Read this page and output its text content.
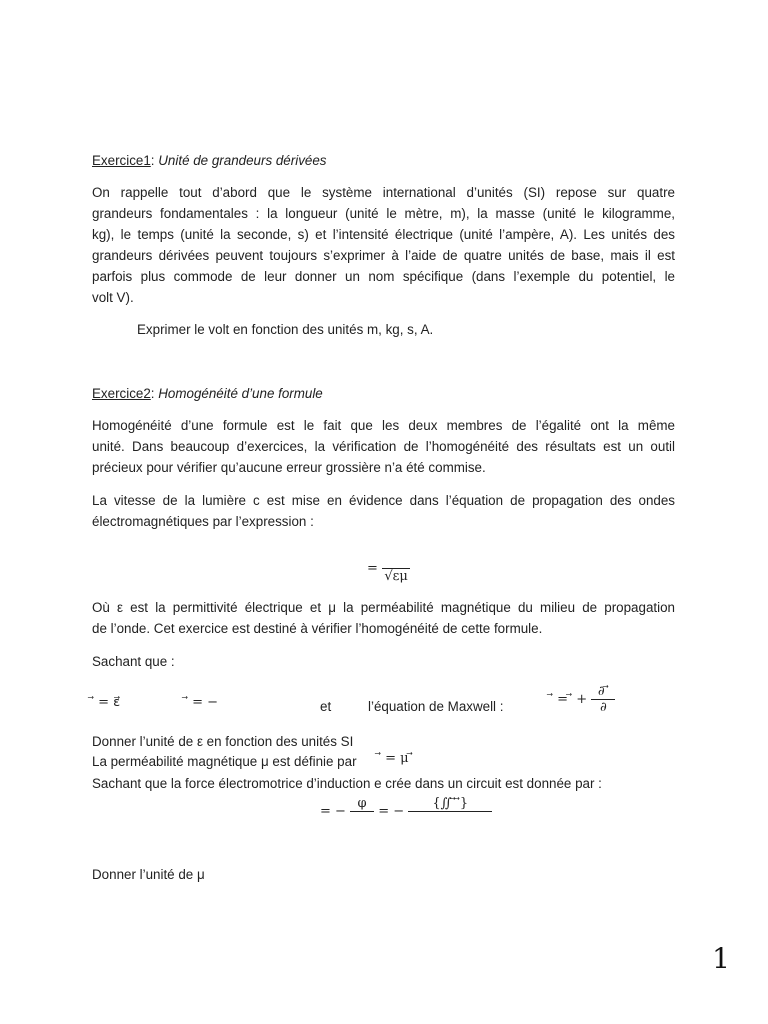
Exercice1: Unité de grandeurs dérivées
On rappelle tout d’abord que le système international d’unités (SI) repose sur quatre
grandeurs fondamentales : la longueur (unité le mètre, m), la masse (unité le kilogramme,
kg), le temps (unité la seconde, s) et l’intensité électrique (unité l’ampère, A). Les unités des
grandeurs dérivées peuvent toujours s’exprimer à l’aide de quatre unités de base, mais il est
parfois plus commode de leur donner un nom spécifique (dans l’exemple du potentiel, le
volt V).
Exprimer le volt en fonction des unités m, kg, s, A.
Exercice2: Homogénéité d’une formule
Homogénéité d’une formule est le fait que les deux membres de l’égalité ont la même
unité. Dans beaucoup d’exercices, la vérification de l’homogénéité des résultats est un outil
précieux pour vérifier qu’aucune erreur grossière n’a été commise.
La vitesse de la lumière c est mise en évidence dans l’équation de propagation des ondes
électromagnétiques par l’expression :
=

√εμ
Où ε est la permittivité électrique et μ la perméabilité magnétique du milieu de propagation
de l’onde. Cet exercice est destiné à vérifier l’homogénéité de cette formule.
Sachant que :
⃗ = ε⃗	⃗ = −	et	l’équation de Maxwell :	⃗ = ⃗ + $\frac{\partial ⃗}{\partial}$
Donner l’unité de ε en fonction des unités SI
La perméabilité magnétique μ est définie par	⃗ = μ ⃗
Sachant que la force électromotrice d’induction e crée dans un circuit est donnée par :
= −
φ

= −
{∬ ⃗ ⃗}

Donner l’unité de μ
1
